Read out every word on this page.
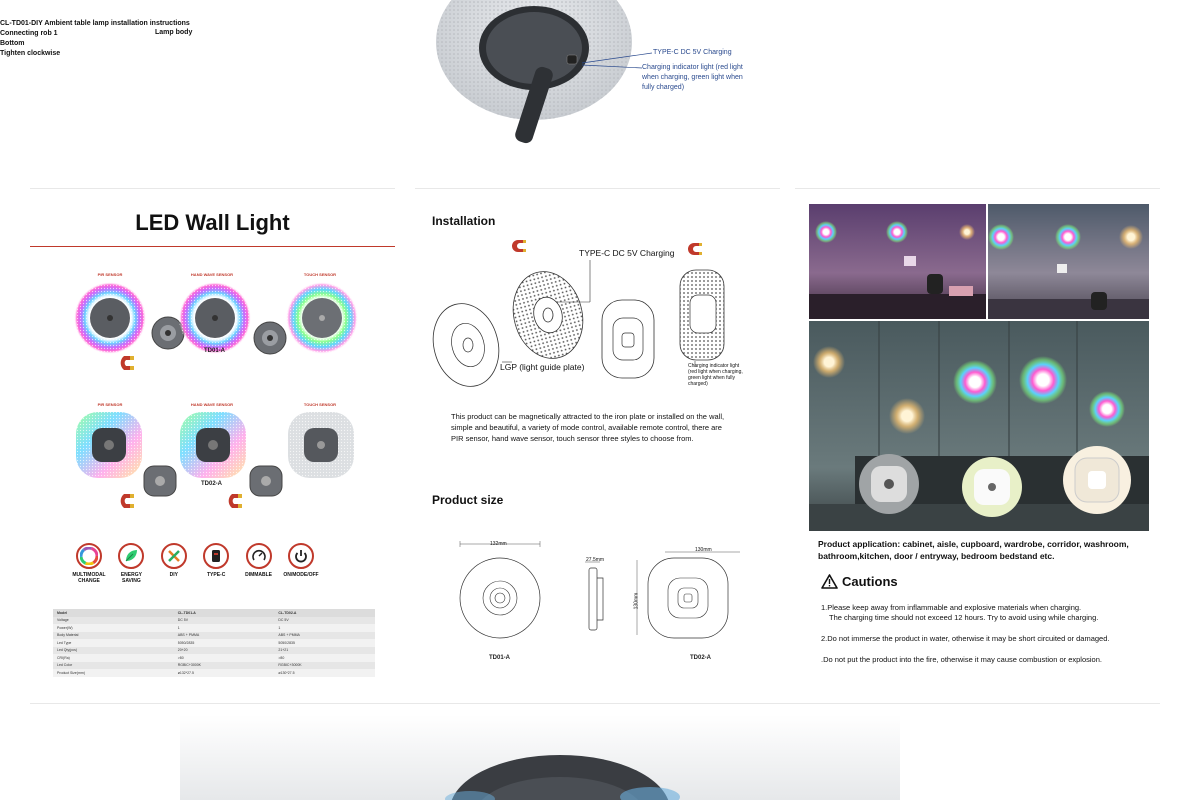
CL-TD01-DIY Ambient table lamp installation instructions
Connecting rob 1
Bottom
Tighten clockwise
Lamp body
TYPE-C DC 5V Charging
Charging indicator light (red light
when charging, green light when
fully charged)
LED Wall Light
PIR SENSOR	HAND WAVE SENSOR	TOUCH SENSOR
TD01-A
PIR SENSOR	HAND WAVE SENSOR	TOUCH SENSOR
TD02-A
MULTIMODAL CHANGE
ENERGY SAVING
DIY	TYPE-C	DIMMABLE ON/MODE/OFF
Model	CL-TD01-A	CL-TD02-A
Voltage	DC 5V	DC 5V
Power(W)	1	1
Body Material	ABS + PMMA	ABS + PMMA
Led Type	5050/2835	5050/2835
Led Qty(pcs)	20+20	21+21
CRI(Ra)	>80	>80
Led Color	RGBIC+3000K	RGBIC+3000K
Product Size(mm)	ø132*27.5	ø130*27.5
Installation
TYPE-C DC 5V Charging
LGP (light guide plate)	Charging indicator light
(red light when charging,
green light when fully
charged)
This product can be magnetically attracted to the iron plate or installed on the wall,
simple and beautiful, a variety of mode control, available remote control, there are
PIR sensor, hand wave sensor, touch sensor three styles to choose from.
Product size
132mm
27.5mm
130mm
130mm
TD01-A	TD02-A
Product application: cabinet, aisle, cupboard, wardrobe, corridor, washroom, bathroom,kitchen, door / entryway, bedroom bedstand etc.
Cautions
1.Please keep away from inflammable and explosive materials when charging.
The charging time should not exceed 12 hours. Try to avoid using while charging.
2.Do not immerse the product in water, otherwise it may be short circuited or damaged.
.Do not put the product into the fire, otherwise it may cause combustion or explosion.
